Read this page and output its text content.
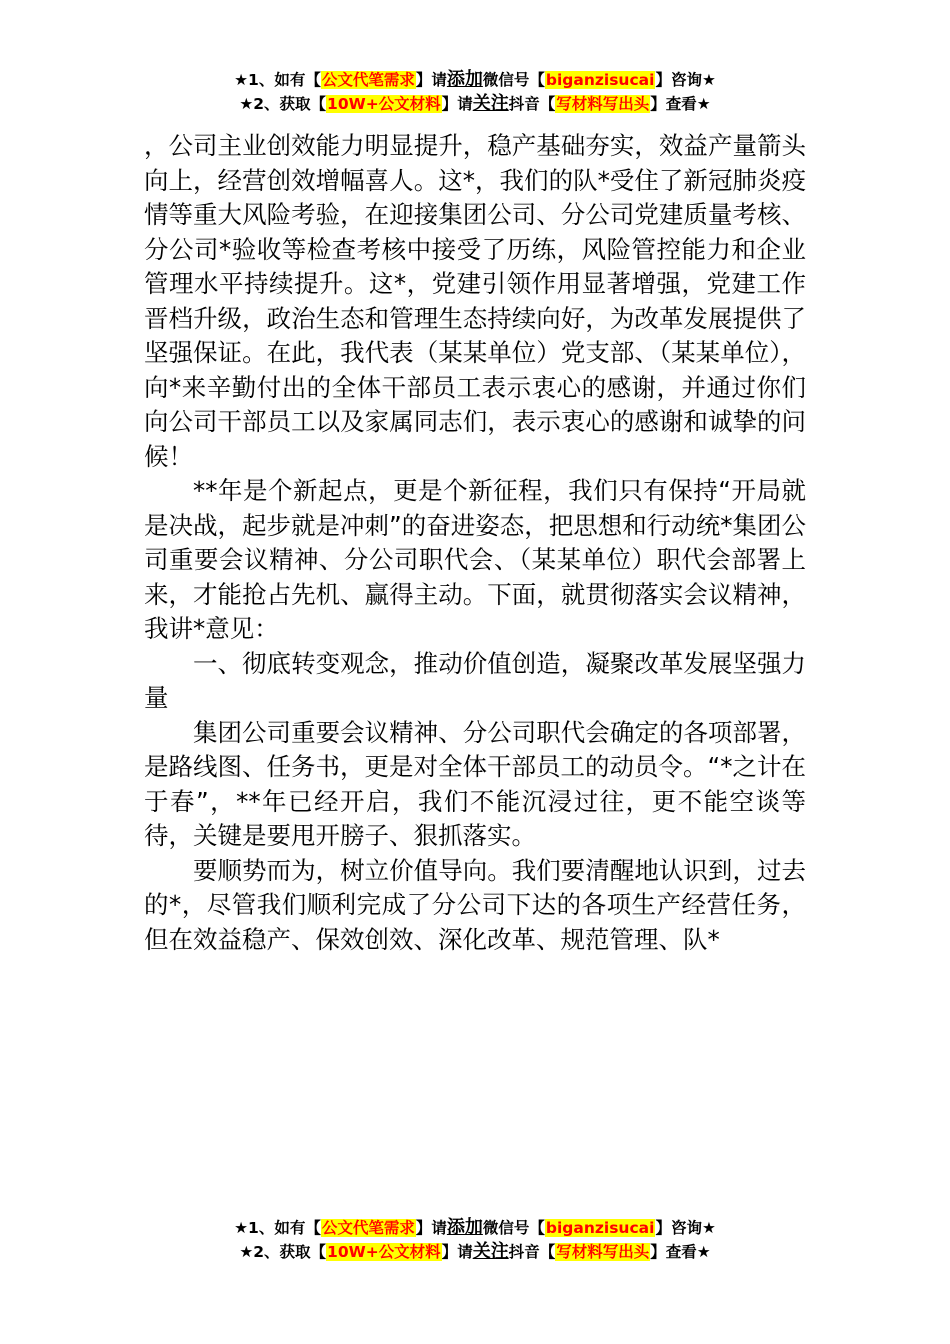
★1、如有【公文代笔需求】请添加微信号【biganzisucai】咨询★
★2、获取【10W+公文材料】请关注抖音【写材料写出头】查看★

，公司主业创效能力明显提升，稳产基础夯实，效益产量箭头向上，经营创效增幅喜人。这*，我们的队*受住了新冠肺炎疫情等重大风险考验，在迎接集团公司、分公司党建质量考核、分公司*验收等检查考核中接受了历练，风险管控能力和企业管理水平持续提升。这*，党建引领作用显著增强，党建工作晋档升级，政治生态和管理生态持续向好，为改革发展提供了坚强保证。在此，我代表（某某单位）党支部、（某某单位），向*来辛勤付出的全体干部员工表示衷心的感谢，并通过你们向公司干部员工以及家属同志们，表示衷心的感谢和诚挚的问候！

**年是个新起点，更是个新征程，我们只有保持“开局就是决战，起步就是冲刺”的奋进姿态，把思想和行动统*集团公司重要会议精神、分公司职代会、（某某单位）职代会部署上来，才能抢占先机、赢得主动。下面，就贯彻落实会议精神，我讲*意见：

一、彻底转变观念，推动价值创造，凝聚改革发展坚强力量

集团公司重要会议精神、分公司职代会确定的各项部署，是路线图、任务书，更是对全体干部员工的动员令。“*之计在于春”，**年已经开启，我们不能沉浸过往，更不能空谈等待，关键是要甩开膀子、狠抓落实。

要顺势而为，树立价值导向。我们要清醒地认识到，过去的*，尽管我们顺利完成了分公司下达的各项生产经营任务，但在效益稳产、保效创效、深化改革、规范管理、队*

★1、如有【公文代笔需求】请添加微信号【biganzisucai】咨询★
★2、获取【10W+公文材料】请关注抖音【写材料写出头】查看★
